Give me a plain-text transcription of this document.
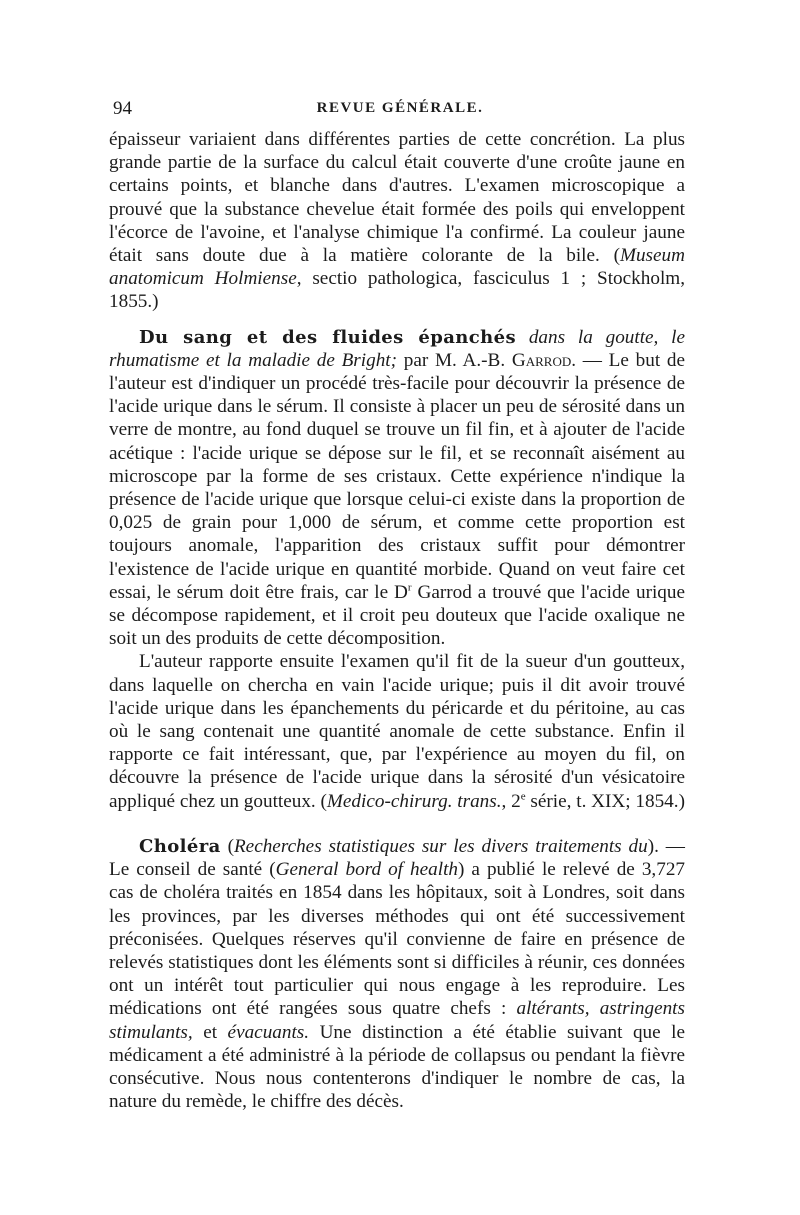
94	REVUE GÉNÉRALE.

épaisseur variaient dans différentes parties de cette concrétion. La plus grande partie de la surface du calcul était couverte d'une croûte jaune en certains points, et blanche dans d'autres. L'examen microscopique a prouvé que la substance chevelue était formée des poils qui enveloppent l'écorce de l'avoine, et l'analyse chimique l'a confirmé. La couleur jaune était sans doute due à la matière colorante de la bile. (Museum anatomicum Holmiense, sectio pathologica, fasciculus 1 ; Stockholm, 1855.)

Du sang et des fluides épanchés dans la goutte, le rhumatisme et la maladie de Bright; par M. A.-B. Garrod. — Le but de l'auteur est d'indiquer un procédé très-facile pour découvrir la présence de l'acide urique dans le sérum. Il consiste à placer un peu de sérosité dans un verre de montre, au fond duquel se trouve un fil fin, et à ajouter de l'acide acétique : l'acide urique se dépose sur le fil, et se reconnaît aisément au microscope par la forme de ses cristaux. Cette expérience n'indique la présence de l'acide urique que lorsque celui-ci existe dans la proportion de 0,025 de grain pour 1,000 de sérum, et comme cette proportion est toujours anomale, l'apparition des cristaux suffit pour démontrer l'existence de l'acide urique en quantité morbide. Quand on veut faire cet essai, le sérum doit être frais, car le $D^r$ Garrod a trouvé que l'acide urique se décompose rapidement, et il croit peu douteux que l'acide oxalique ne soit un des produits de cette décomposition.

L'auteur rapporte ensuite l'examen qu'il fit de la sueur d'un goutteux, dans laquelle on chercha en vain l'acide urique; puis il dit avoir trouvé l'acide urique dans les épanchements du péricarde et du péritoine, au cas où le sang contenait une quantité anomale de cette substance. Enfin il rapporte ce fait intéressant, que, par l'expérience au moyen du fil, on découvre la présence de l'acide urique dans la sérosité d'un vésicatoire appliqué chez un goutteux. (Medico-chirurg. trans., 2e série, t. XIX; 1854.)

Choléra (Recherches statistiques sur les divers traitements du). — Le conseil de santé (General bord of health) a publié le relevé de 3,727 cas de choléra traités en 1854 dans les hôpitaux, soit à Londres, soit dans les provinces, par les diverses méthodes qui ont été successivement préconisées. Quelques réserves qu'il convienne de faire en présence de relevés statistiques dont les éléments sont si difficiles à réunir, ces données ont un intérêt tout particulier qui nous engage à les reproduire. Les médications ont été rangées sous quatre chefs : altérants, astringents stimulants, et évacuants. Une distinction a été établie suivant que le médicament a été administré à la période de collapsus ou pendant la fièvre consécutive. Nous nous contenterons d'indiquer le nombre de cas, la nature du remède, le chiffre des décès.
